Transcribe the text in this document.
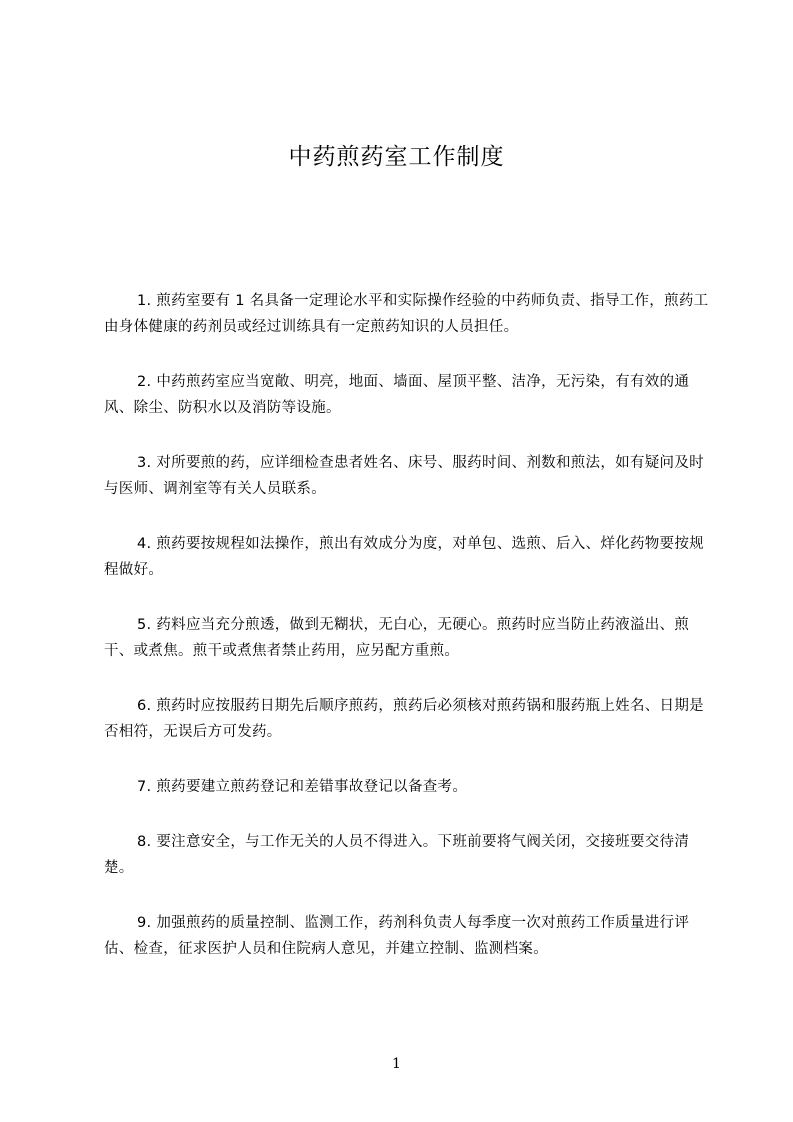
中药煎药室工作制度

1. 煎药室要有 1 名具备一定理论水平和实际操作经验的中药师负责、指导工作，煎药工由身体健康的药剂员或经过训练具有一定煎药知识的人员担任。

2. 中药煎药室应当宽敞、明亮，地面、墙面、屋顶平整、洁净，无污染，有有效的通风、除尘、防积水以及消防等设施。

3. 对所要煎的药，应详细检查患者姓名、床号、服药时间、剂数和煎法，如有疑问及时与医师、调剂室等有关人员联系。

4. 煎药要按规程如法操作，煎出有效成分为度，对单包、选煎、后入、烊化药物要按规程做好。

5. 药料应当充分煎透，做到无糊状，无白心，无硬心。煎药时应当防止药液溢出、煎干、或煮焦。煎干或煮焦者禁止药用，应另配方重煎。

6. 煎药时应按服药日期先后顺序煎药，煎药后必须核对煎药锅和服药瓶上姓名、日期是否相符，无误后方可发药。

7. 煎药要建立煎药登记和差错事故登记以备查考。

8. 要注意安全，与工作无关的人员不得进入。下班前要将气阀关闭，交接班要交待清楚。

9. 加强煎药的质量控制、监测工作，药剂科负责人每季度一次对煎药工作质量进行评估、检查，征求医护人员和住院病人意见，并建立控制、监测档案。

1
